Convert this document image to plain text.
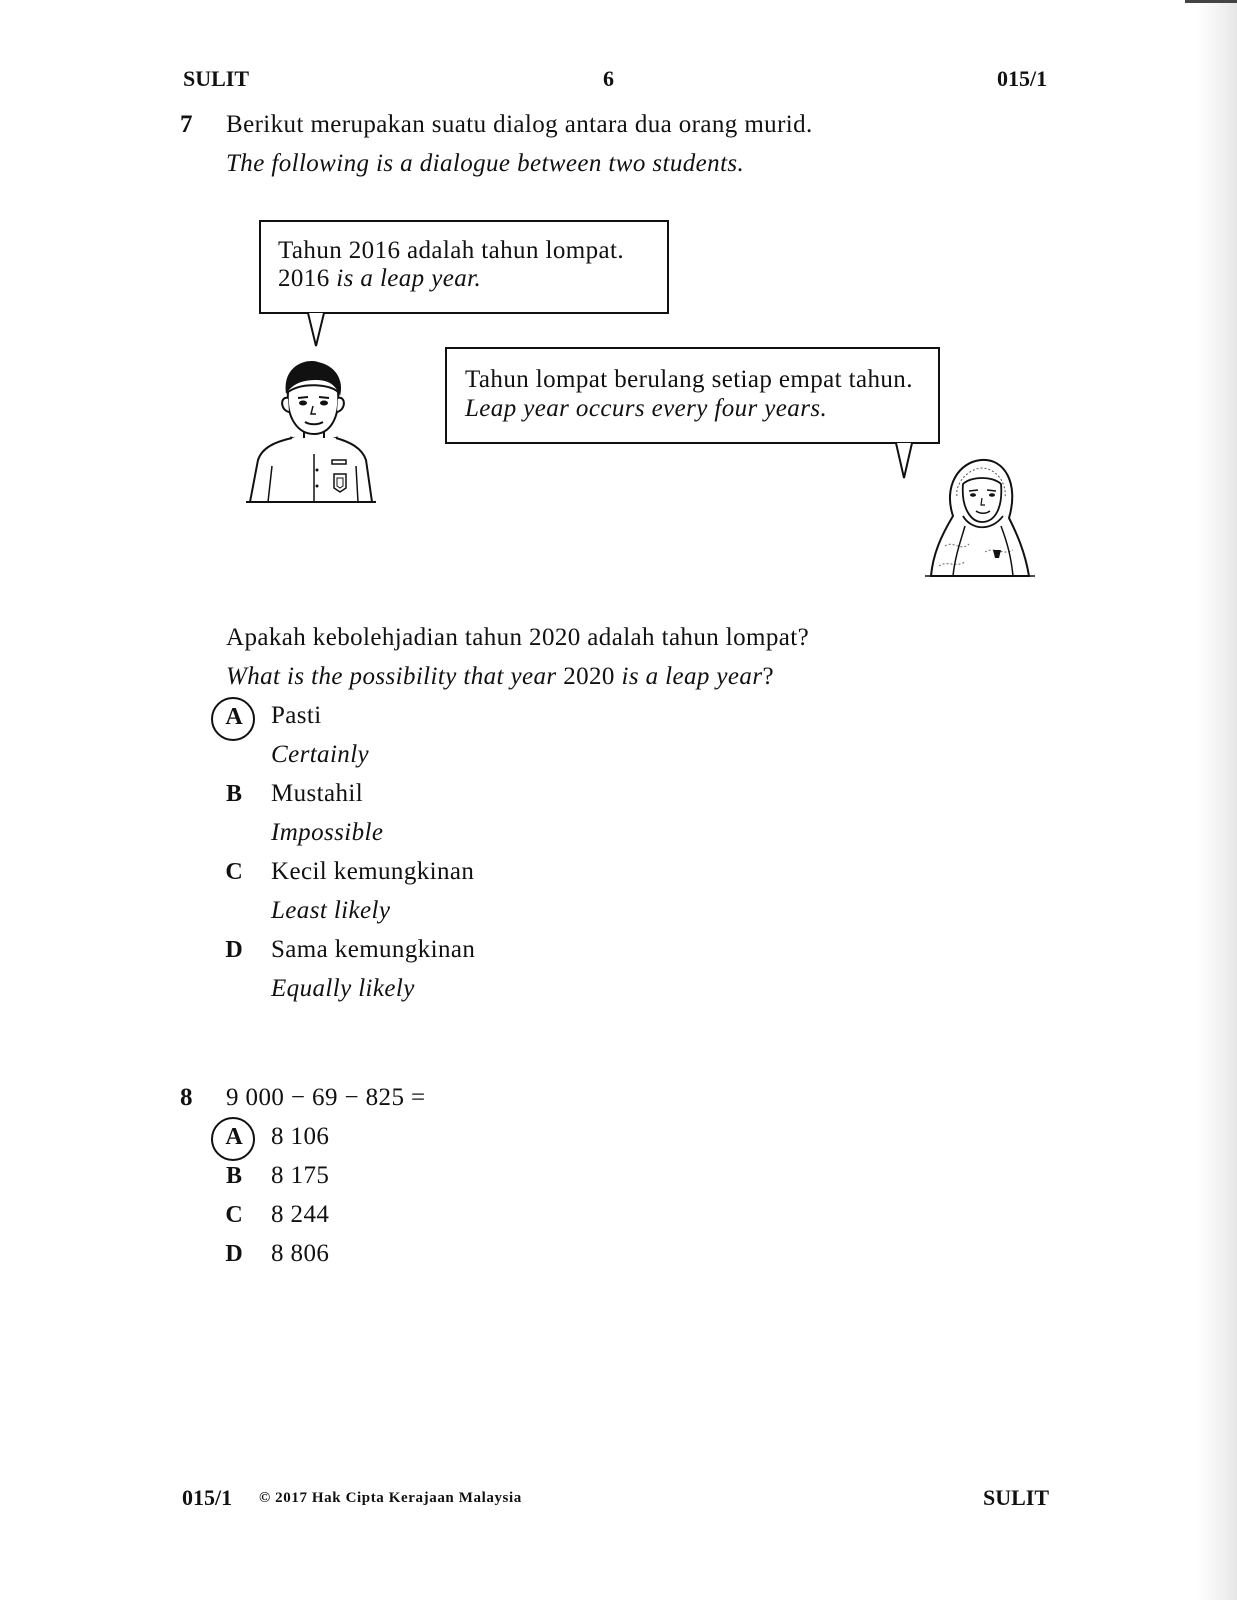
SULIT	6	015/1
7 Berikut merupakan suatu dialog antara dua orang murid.
The following is a dialogue between two students.
Tahun 2016 adalah tahun lompat.
2016 is a leap year.
Tahun lompat berulang setiap empat tahun.
Leap year occurs every four years.
Apakah kebolehjadian tahun 2020 adalah tahun lompat?
What is the possibility that year 2020 is a leap year?
A	Pasti
Certainly
B	Mustahil
Impossible
C	Kecil kemungkinan
Least likely
D	Sama kemungkinan
Equally likely
8 9 000 − 69 − 825 =
A	8 106
B	8 175
C	8 244
D	8 806
015/1 © 2017 Hak Cipta Kerajaan Malaysia	SULIT
